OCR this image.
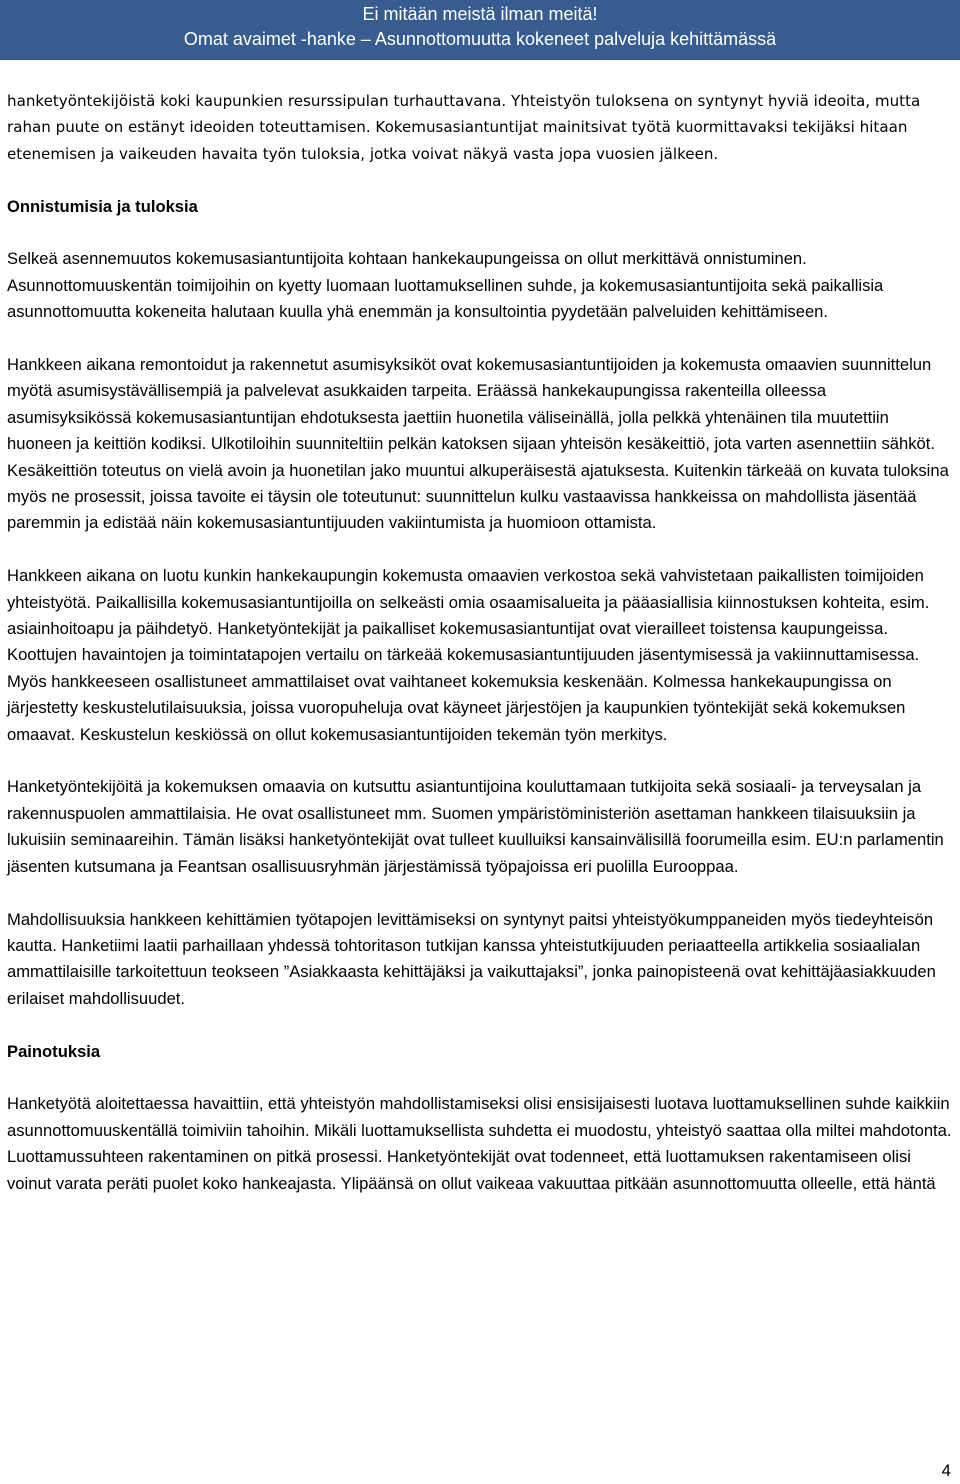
Ei mitään meistä ilman meitä!
Omat avaimet -hanke – Asunnottomuutta kokeneet palveluja kehittämässä

hanketyöntekijöistä koki kaupunkien resurssipulan turhauttavana. Yhteistyön tuloksena on syntynyt hyviä ideoita, mutta rahan puute on estänyt ideoiden toteuttamisen. Kokemusasiantuntijat mainitsivat työtä kuormittavaksi tekijäksi hitaan etenemisen ja vaikeuden havaita työn tuloksia, jotka voivat näkyä vasta jopa vuosien jälkeen.

Onnistumisia ja tuloksia

Selkeä asennemuutos kokemusasiantuntijoita kohtaan hankekaupungeissa on ollut merkittävä onnistuminen. Asunnottomuuskentän toimijoihin on kyetty luomaan luottamuksellinen suhde, ja kokemusasiantuntijoita sekä paikallisia asunnottomuutta kokeneita halutaan kuulla yhä enemmän ja konsultointia pyydetään palveluiden kehittämiseen.

Hankkeen aikana remontoidut ja rakennetut asumisyksiköt ovat kokemusasiantuntijoiden ja kokemusta omaavien suunnittelun myötä asumisystävällisempiä ja palvelevat asukkaiden tarpeita. Eräässä hankekaupungissa rakenteilla olleessa asumisyksikössä kokemusasiantuntijan ehdotuksesta jaettiin huonetila väliseinällä, jolla pelkkä yhtenäinen tila muutettiin huoneen ja keittiön kodiksi. Ulkotiloihin suunniteltiin pelkän katoksen sijaan yhteisön kesäkeittiö, jota varten asennettiin sähköt. Kesäkeittiön toteutus on vielä avoin ja huonetilan jako muuntui alkuperäisestä ajatuksesta. Kuitenkin tärkeää on kuvata tuloksina myös ne prosessit, joissa tavoite ei täysin ole toteutunut: suunnittelun kulku vastaavissa hankkeissa on mahdollista jäsentää paremmin ja edistää näin kokemusasiantuntijuuden vakiintumista ja huomioon ottamista.

Hankkeen aikana on luotu kunkin hankekaupungin kokemusta omaavien verkostoa sekä vahvistetaan paikallisten toimijoiden yhteistyötä. Paikallisilla kokemusasiantuntijoilla on selkeästi omia osaamisalueita ja pääasiallisia kiinnostuksen kohteita, esim. asiainhoitoapu ja päihdetyö. Hanketyöntekijät ja paikalliset kokemusasiantuntijat ovat vierailleet toistensa kaupungeissa. Koottujen havaintojen ja toimintatapojen vertailu on tärkeää kokemusasiantuntijuuden jäsentymisessä ja vakiinnuttamisessa. Myös hankkeeseen osallistuneet ammattilaiset ovat vaihtaneet kokemuksia keskenään. Kolmessa hankekaupungissa on järjestetty keskustelutilaisuuksia, joissa vuoropuheluja ovat käyneet järjestöjen ja kaupunkien työntekijät sekä kokemuksen omaavat. Keskustelun keskiössä on ollut kokemusasiantuntijoiden tekemän työn merkitys.

Hanketyöntekijöitä ja kokemuksen omaavia on kutsuttu asiantuntijoina kouluttamaan tutkijoita sekä sosiaali- ja terveysalan ja rakennuspuolen ammattilaisia. He ovat osallistuneet mm. Suomen ympäristöministeriön asettaman hankkeen tilaisuuksiin ja lukuisiin seminaareihin. Tämän lisäksi hanketyöntekijät ovat tulleet kuulluiksi kansainvälisillä foorumeilla esim. EU:n parlamentin jäsenten kutsumana ja Feantsan osallisuusryhmän järjestämissä työpajoissa eri puolilla Eurooppaa.

Mahdollisuuksia hankkeen kehittämien työtapojen levittämiseksi on syntynyt paitsi yhteistyökumppaneiden myös tiedeyhteisön kautta. Hanketiimi laatii parhaillaan yhdessä tohtoritason tutkijan kanssa yhteistutkijuuden periaatteella artikkelia sosiaalialan ammattilaisille tarkoitettuun teokseen ”Asiakkaasta kehittäjäksi ja vaikuttajaksi”, jonka painopisteenä ovat kehittäjäasiakkuuden erilaiset mahdollisuudet.

Painotuksia

Hanketyötä aloitettaessa havaittiin, että yhteistyön mahdollistamiseksi olisi ensisijaisesti luotava luottamuksellinen suhde kaikkiin asunnottomuuskentällä toimiviin tahoihin. Mikäli luottamuksellista suhdetta ei muodostu, yhteistyö saattaa olla miltei mahdotonta. Luottamussuhteen rakentaminen on pitkä prosessi. Hanketyöntekijät ovat todenneet, että luottamuksen rakentamiseen olisi voinut varata peräti puolet koko hankeajasta. Ylipäänsä on ollut vaikeaa vakuuttaa pitkään asunnottomuutta olleelle, että häntä

4
